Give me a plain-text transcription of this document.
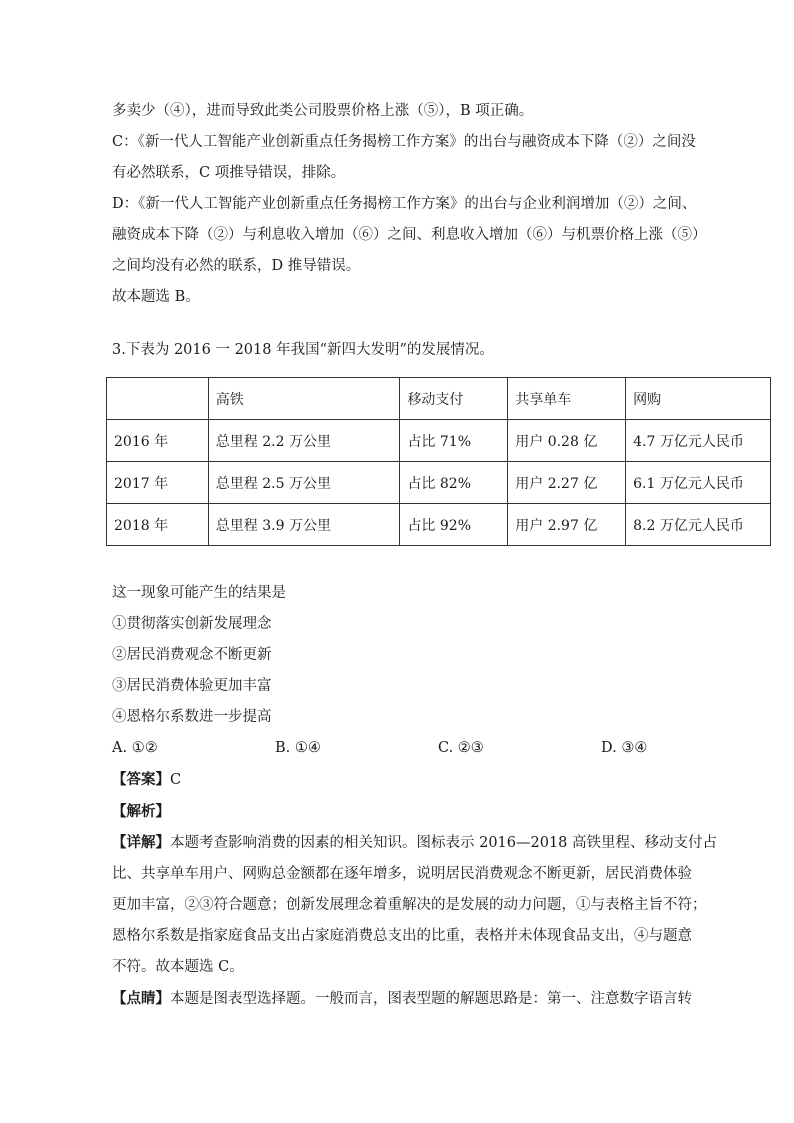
多卖少（④），进而导致此类公司股票价格上涨（⑤），B 项正确。

C：《新一代人工智能产业创新重点任务揭榜工作方案》的出台与融资成本下降（②）之间没

有必然联系，C 项推导错误，排除。

D：《新一代人工智能产业创新重点任务揭榜工作方案》的出台与企业利润增加（②）之间、

融资成本下降（②）与利息收入增加（⑥）之间、利息收入增加（⑥）与机票价格上涨（⑤）

之间均没有必然的联系，D 推导错误。

故本题选 B。

3.下表为 2016 一 2018 年我国“新四大发明”的发展情况。

	高铁	移动支付	共享单车	网购
2016 年	总里程 2.2 万公里	占比 71%	用户 0.28 亿	4.7 万亿元人民币
2017 年	总里程 2.5 万公里	占比 82%	用户 2.27 亿	6.1 万亿元人民币
2018 年	总里程 3.9 万公里	占比 92%	用户 2.97 亿	8.2 万亿元人民币

这一现象可能产生的结果是

①贯彻落实创新发展理念

②居民消费观念不断更新

③居民消费体验更加丰富

④恩格尔系数进一步提高

A. ①②	B. ①④	C. ②③	D. ③④

【答案】C

【解析】

【详解】本题考查影响消费的因素的相关知识。图标表示 2016—2018 高铁里程、移动支付占

比、共享单车用户、网购总金额都在逐年增多，说明居民消费观念不断更新，居民消费体验

更加丰富，②③符合题意；创新发展理念着重解决的是发展的动力问题，①与表格主旨不符；

恩格尔系数是指家庭食品支出占家庭消费总支出的比重，表格并未体现食品支出，④与题意

不符。故本题选 C。

【点睛】本题是图表型选择题。一般而言，图表型题的解题思路是：第一、注意数字语言转
